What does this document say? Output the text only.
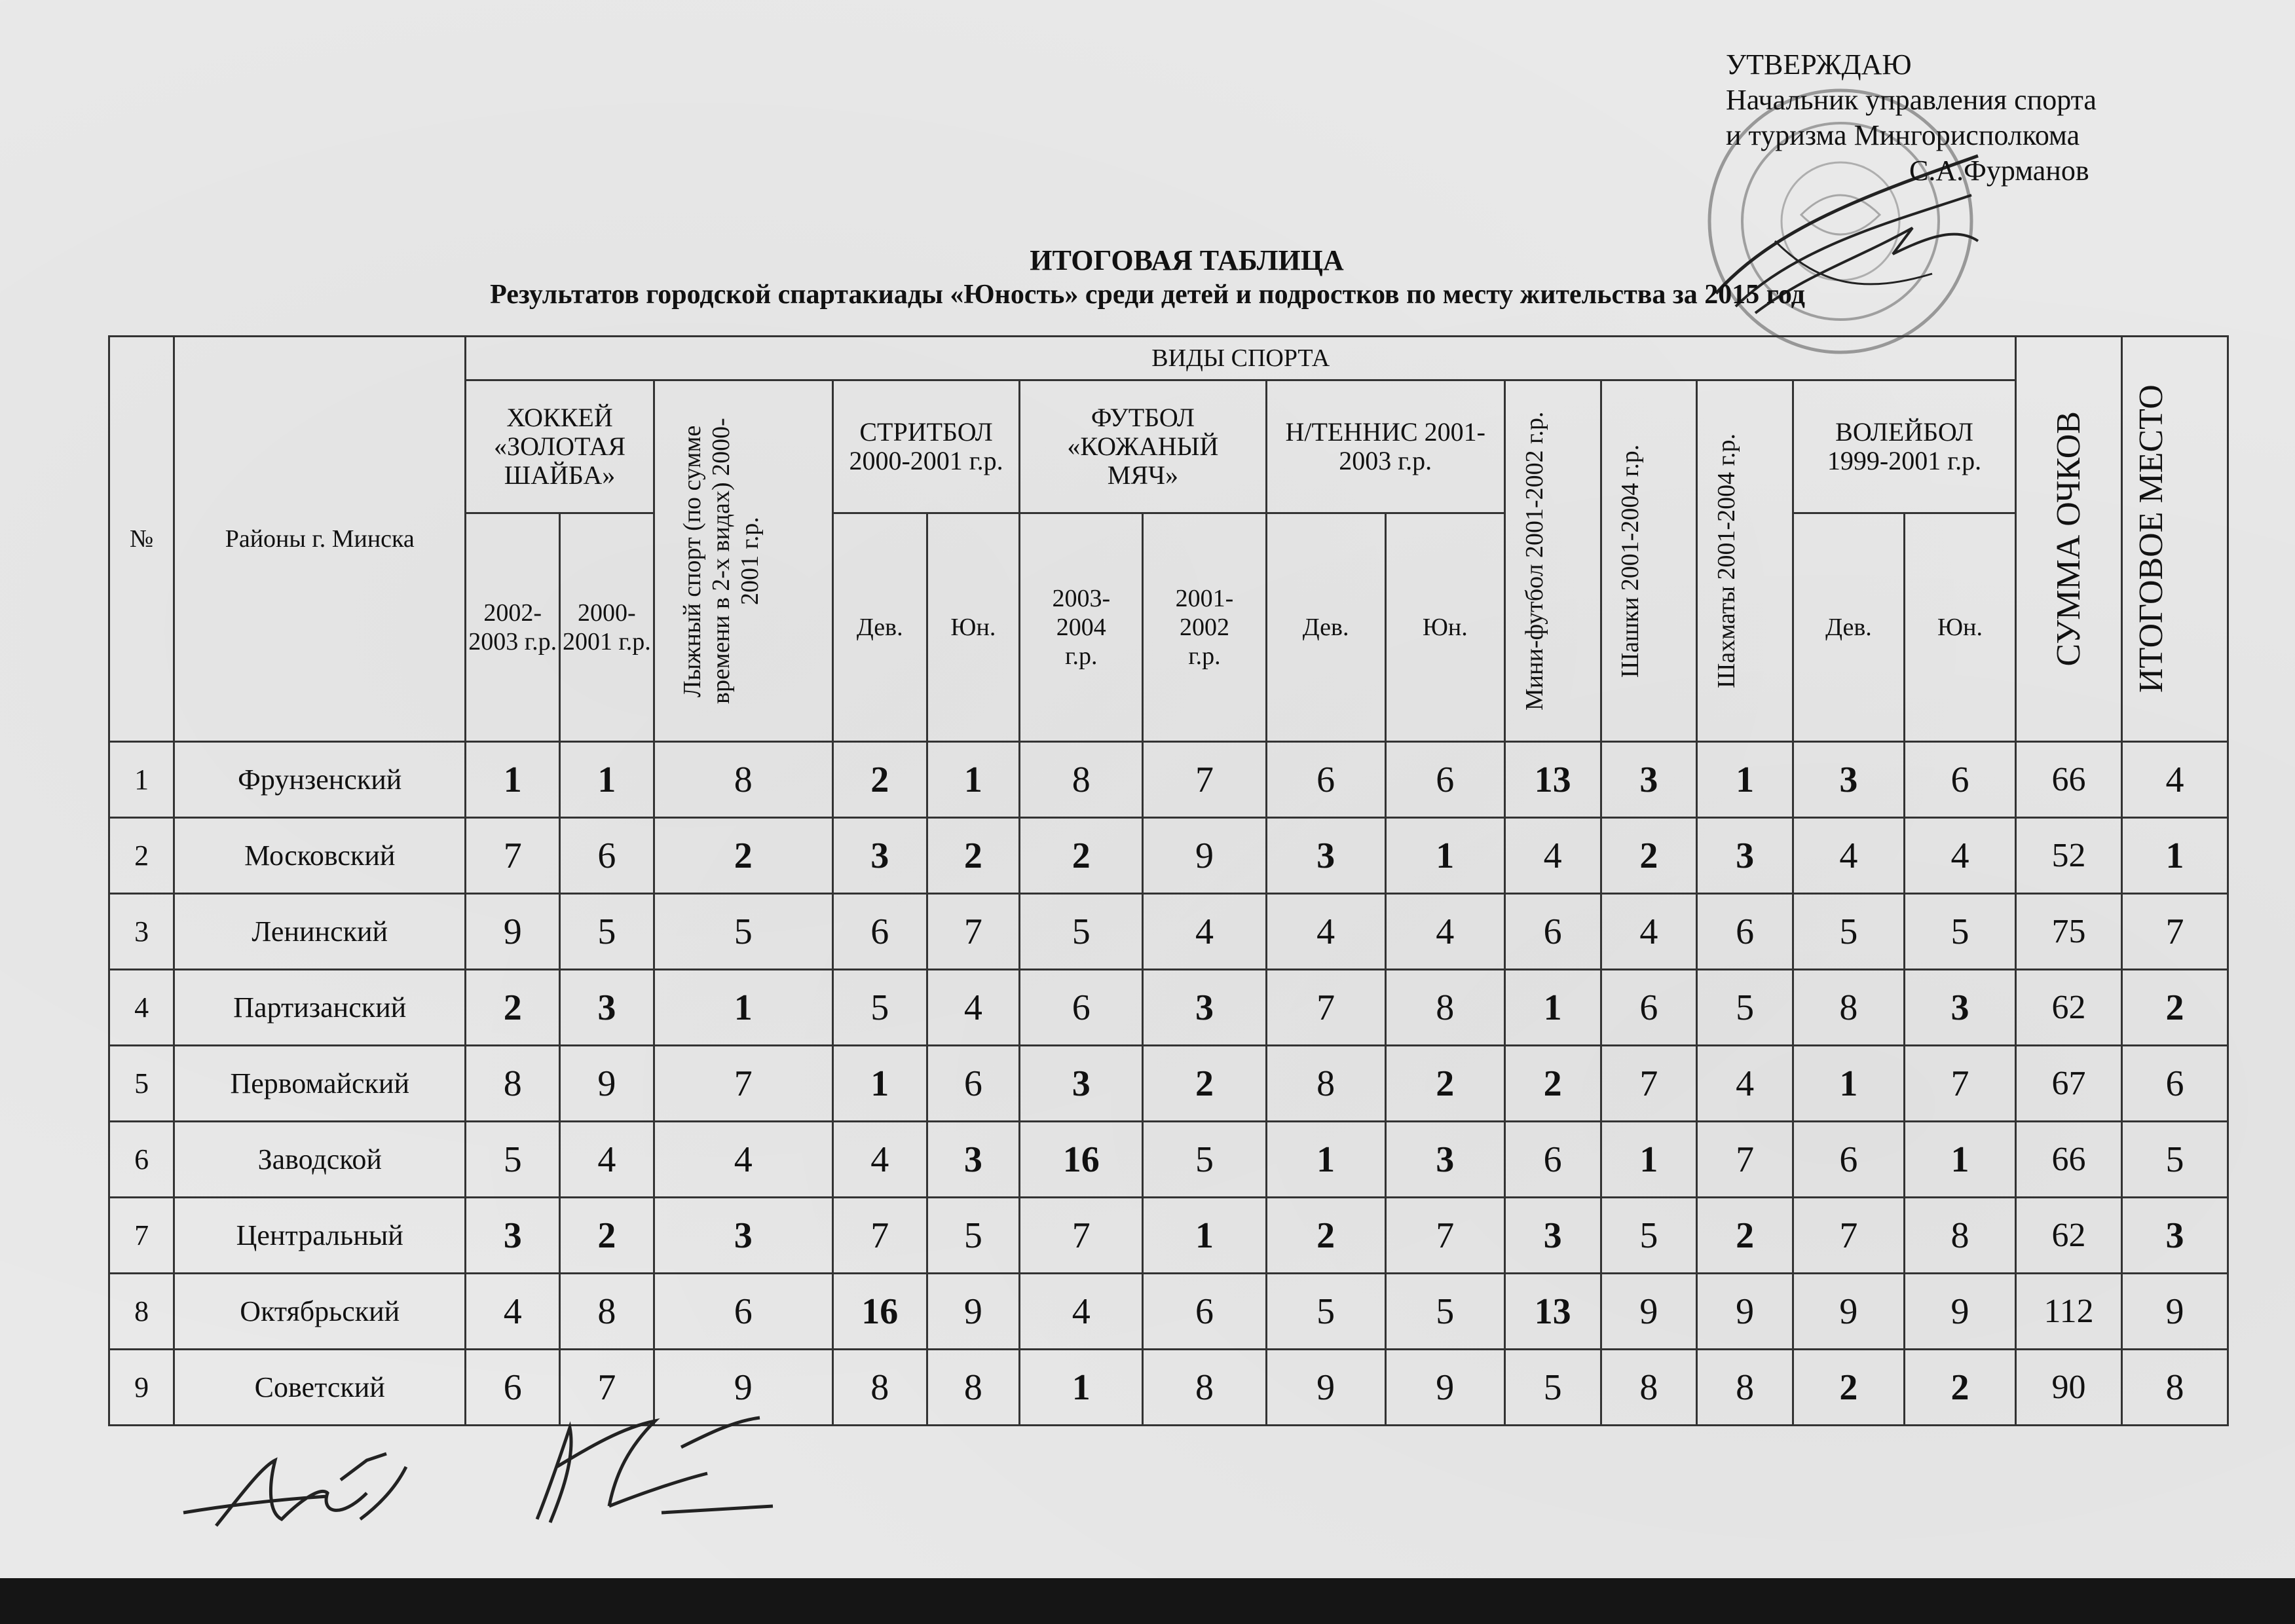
УТВЕРЖДАЮ
Начальник управления спорта
и туризма Мингорисполкома
С.А.Фурманов
ИТОГОВАЯ ТАБЛИЦА
Результатов городской спартакиады «Юность» среди детей и подростков по месту жительства за 2015 год
№	Районы г. Минска	ВИДЫ СПОРТА														СУММА ОЧКОВ	ИТОГОВОЕ МЕСТО

		ХОККЕЙ «ЗОЛОТАЯ ШАЙБА»		Лыжный спорт (по сумме времени в 2-х видах) 2000-2001 г.р.	СТРИТБОЛ 2000-2001 г.р.		ФУТБОЛ «КОЖАНЫЙ МЯЧ»		Н/ТЕННИС 2001-2003 г.р.		Мини-футбол 2001-2002 г.р.	Шашки 2001-2004 г.р.	Шахматы 2001-2004 г.р.	ВОЛЕЙБОЛ 1999-2001 г.р.			
		2002-2003 г.р.	2000-2001 г.р.		Дев.	Юн.	2003-2004 г.р.	2001-2002 г.р.	Дев.	Юн.				Дев.	Юн.		
1	Фрунзенский	1	1	8	2	1	8	7	6	6	13	3	1	3	6	66	4
2	Московский	7	6	2	3	2	2	9	3	1	4	2	3	4	4	52	1
3	Ленинский	9	5	5	6	7	5	4	4	4	6	4	6	5	5	75	7
4	Партизанский	2	3	1	5	4	6	3	7	8	1	6	5	8	3	62	2
5	Первомайский	8	9	7	1	6	3	2	8	2	2	7	4	1	7	67	6
6	Заводской	5	4	4	4	3	16	5	1	3	6	1	7	6	1	66	5
7	Центральный	3	2	3	7	5	7	1	2	7	3	5	2	7	8	62	3
8	Октябрьский	4	8	6	16	9	4	6	5	5	13	9	9	9	9	112	9
9	Советский	6	7	9	8	8	1	8	9	9	5	8	8	2	2	90	8
